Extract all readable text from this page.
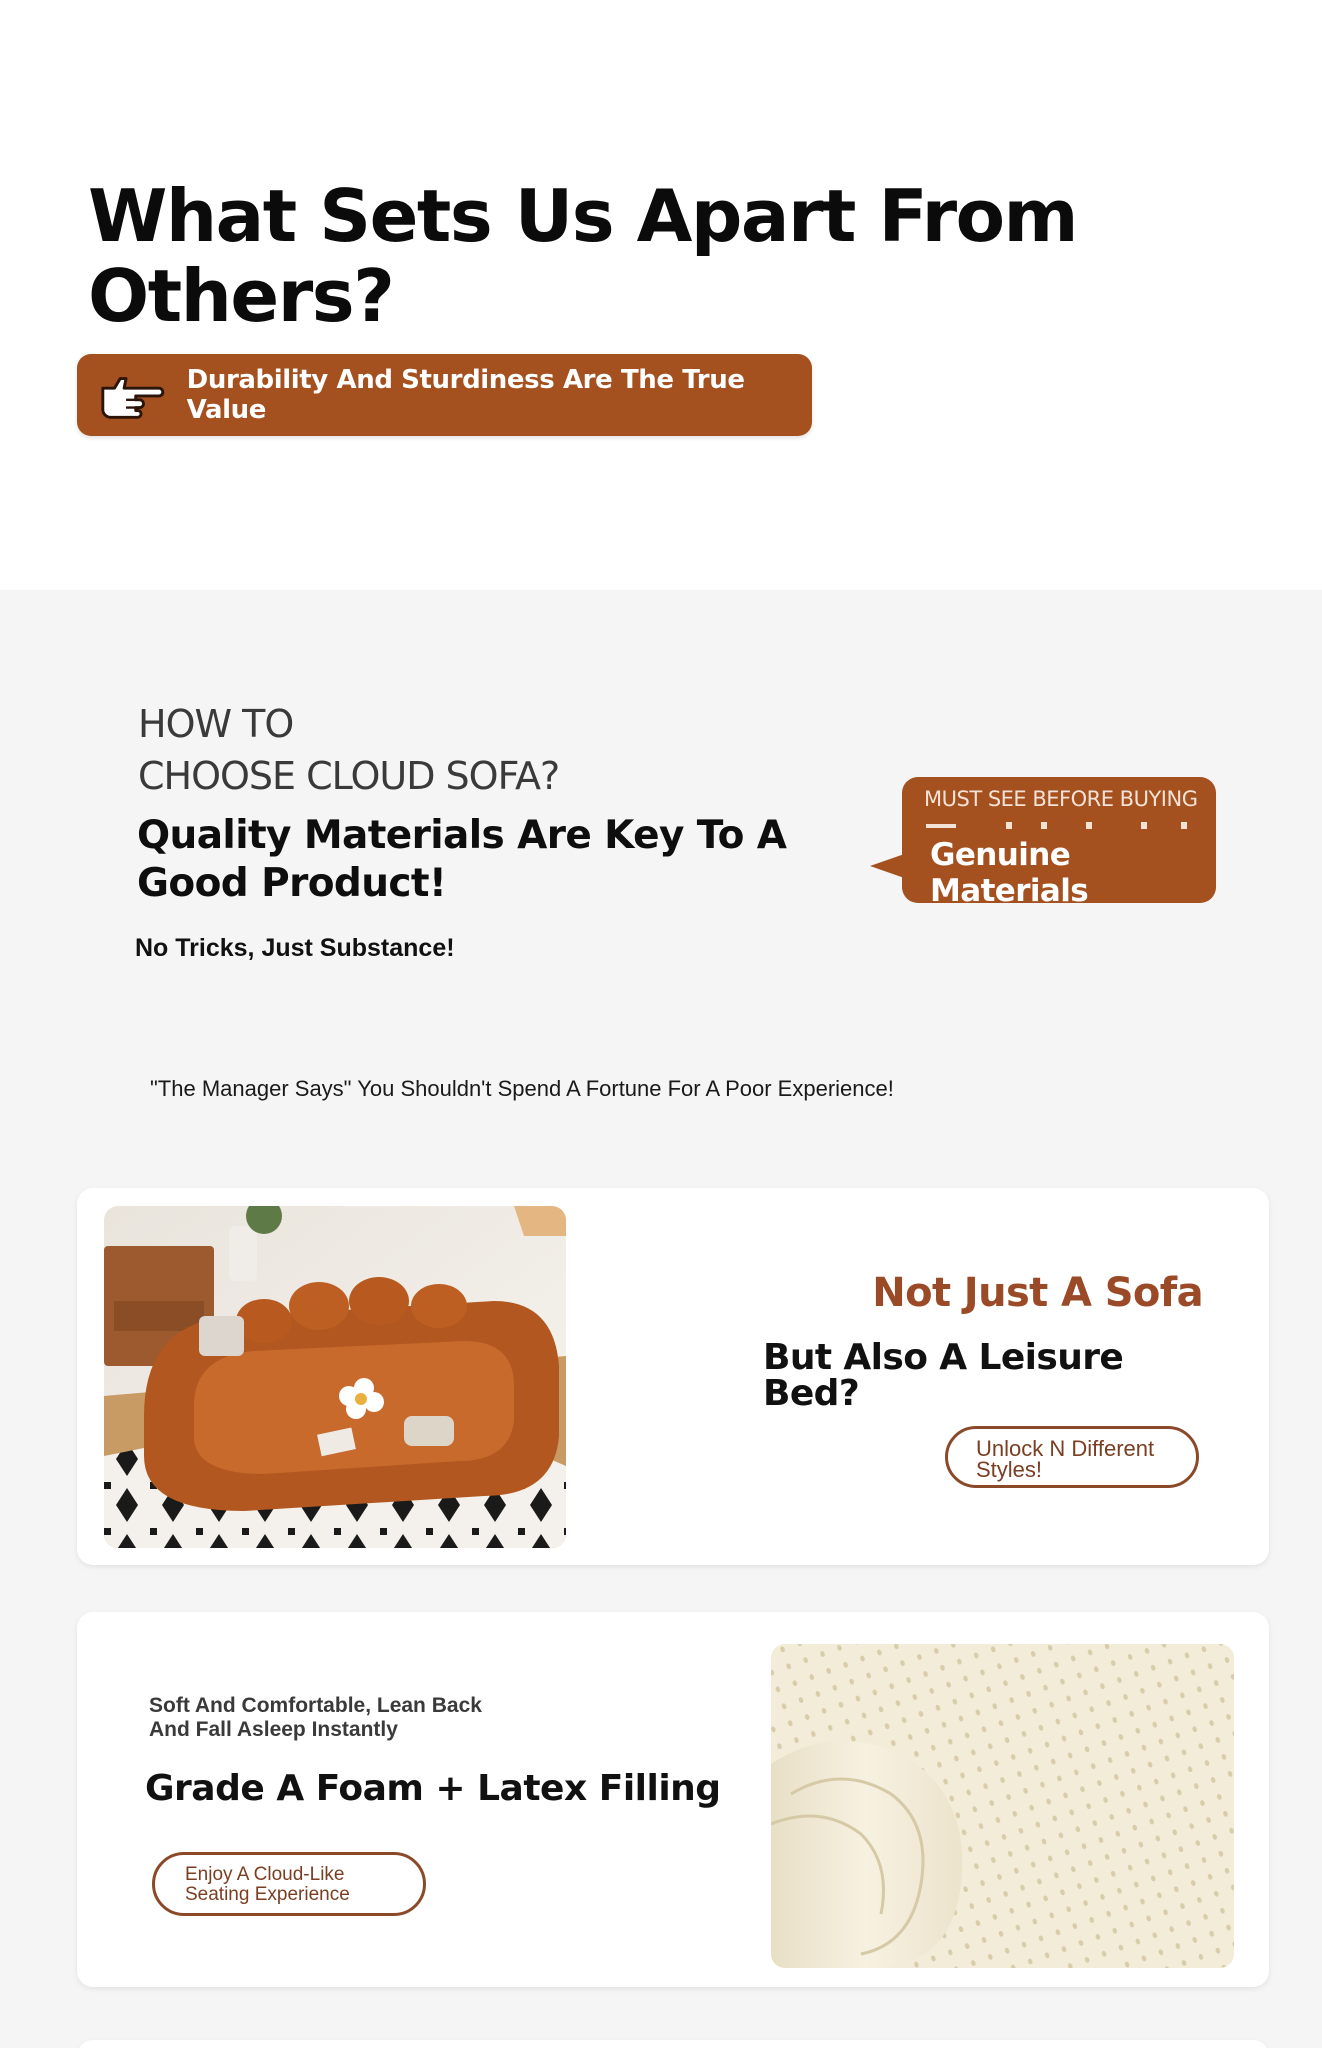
What Sets Us Apart From Others?
Durability And Sturdiness Are The True Value
HOW TO
CHOOSE CLOUD SOFA?
Quality Materials Are Key To A Good Product!

No Tricks, Just Substance!

MUST SEE BEFORE BUYING
Genuine Materials

"The Manager Says" You Shouldn't Spend A Fortune For A Poor Experience!

Not Just A Sofa
But Also A Leisure Bed?
Unlock N Different Styles!
Soft And Comfortable, Lean Back And Fall Asleep Instantly
Grade A Foam + Latex Filling
Enjoy A Cloud-Like Seating Experience
